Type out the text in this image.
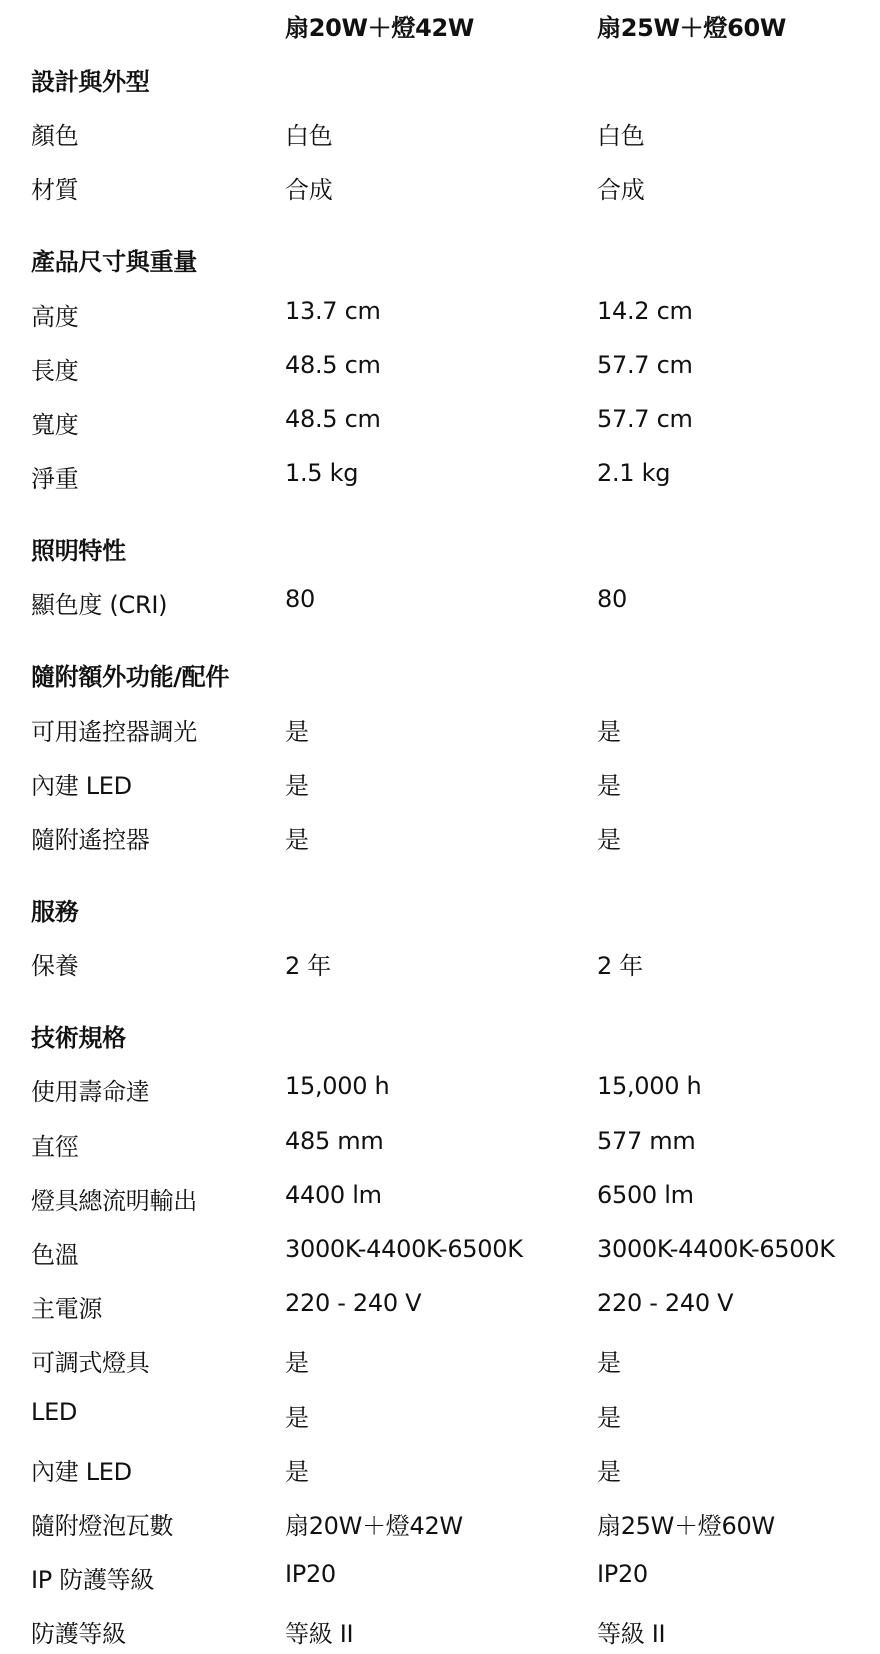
扇20W＋燈42W	扇25W＋燈60W
設計與外型
顏色	白色	白色
材質	合成	合成
產品尺寸與重量
高度	13.7 cm	14.2 cm
長度	48.5 cm	57.7 cm
寬度	48.5 cm	57.7 cm
淨重	1.5 kg	2.1 kg
照明特性
顯色度 (CRI)	80	80
隨附額外功能/配件
可用遙控器調光	是	是
內建 LED	是	是
隨附遙控器	是	是
服務
保養	2 年	2 年
技術規格
使用壽命達	15,000 h	15,000 h
直徑	485 mm	577 mm
燈具總流明輸出	4400 lm	6500 lm
色溫	3000K-4400K-6500K	3000K-4400K-6500K
主電源	220 - 240 V	220 - 240 V
可調式燈具	是	是
LED	是	是
內建 LED	是	是
隨附燈泡瓦數	扇20W＋燈42W	扇25W＋燈60W
IP 防護等級	IP20	IP20
防護等級	等級 II	等級 II
